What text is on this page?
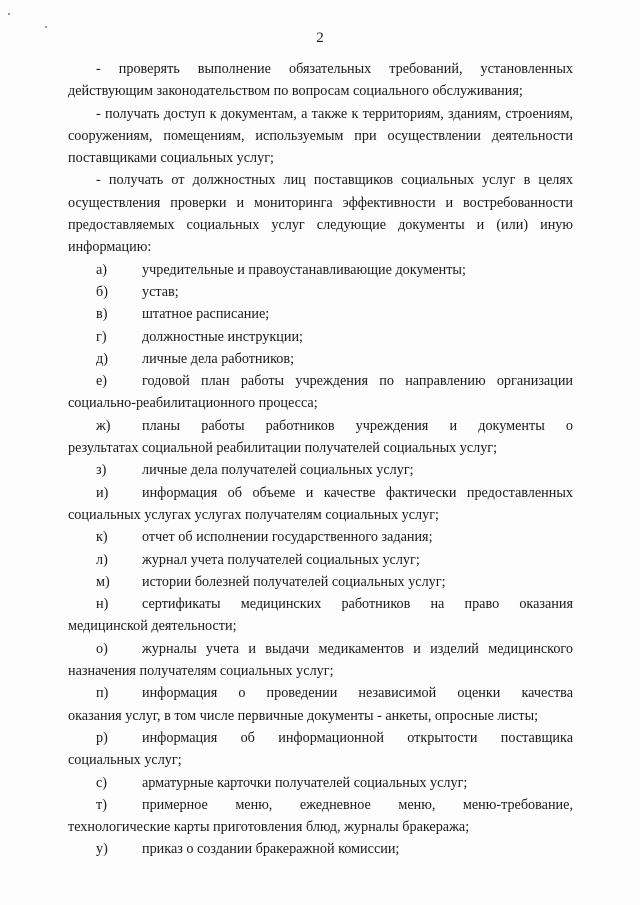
2

- проверять выполнение обязательных требований, установленных действующим законодательством по вопросам социального обслуживания;

- получать доступ к документам, а также к территориям, зданиям, строениям, сооружениям, помещениям, используемым при осуществлении деятельности поставщиками социальных услуг;

- получать от должностных лиц поставщиков социальных услуг в целях осуществления проверки и мониторинга эффективности и востребованности предоставляемых социальных услуг следующие документы и (или) иную информацию:

а)	учредительные и правоустанавливающие документы;
б)	устав;
в)	штатное расписание;
г)	должностные инструкции;
д)	личные дела работников;
е)	годовой план работы учреждения по направлению организации
социально-реабилитационного процесса;
ж)	планы работы работников учреждения и документы о
результатах социальной реабилитации получателей социальных услуг;
з)	личные дела получателей социальных услуг;
и)	информация об объеме и качестве фактически предоставленных
социальных услугах услугах получателям социальных услуг;
к)	отчет об исполнении государственного задания;
л)	журнал учета получателей социальных услуг;
м)	истории болезней получателей социальных услуг;
н)	сертификаты медицинских работников на право оказания
медицинской деятельности;
о)	журналы учета и выдачи медикаментов и изделий медицинского
назначения получателям социальных услуг;
п)	информация о проведении независимой оценки качества
оказания услуг, в том числе первичные документы - анкеты, опросные листы;
р)	информация об информационной открытости поставщика
социальных услуг;
с)	арматурные карточки получателей социальных услуг;
т)	примерное меню, ежедневное меню, меню-требование,
технологические карты приготовления блюд, журналы бракеража;
у)	приказ о создании бракеражной комиссии;
